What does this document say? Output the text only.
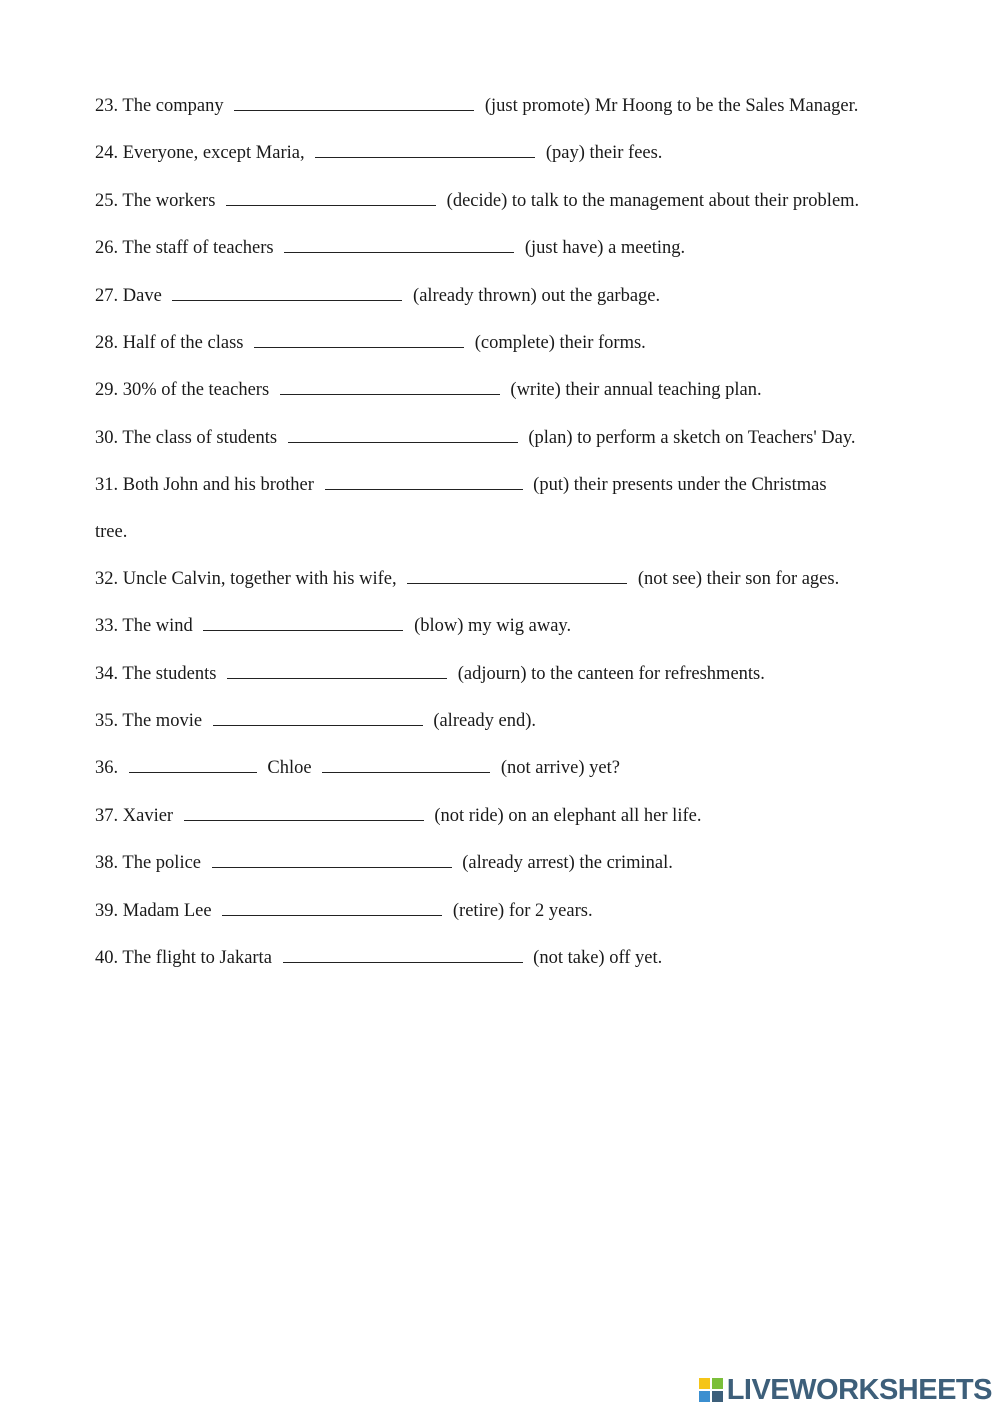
23. The company	(just promote) Mr Hoong to be the Sales Manager.
24. Everyone, except Maria,	(pay) their fees.
25. The workers	(decide) to talk to the management about their problem.
26. The staff of teachers	(just have) a meeting.
27. Dave	(already thrown) out the garbage.
28. Half of the class	(complete) their forms.
29. 30% of the teachers	(write) their annual teaching plan.
30. The class of students	(plan) to perform a sketch on Teachers' Day.
31. Both John and his brother	(put) their presents under the Christmas
tree.
32. Uncle Calvin, together with his wife,	(not see) their son for ages.
33. The wind	(blow) my wig away.
34. The students	(adjourn) to the canteen for refreshments.
35. The movie	(already end).
36.	Chloe	(not arrive) yet?
37. Xavier	(not ride) on an elephant all her life.
38. The police	(already arrest) the criminal.
39. Madam Lee	(retire) for 2 years.
40. The flight to Jakarta	(not take) off yet.
LIVEWORKSHEETS
